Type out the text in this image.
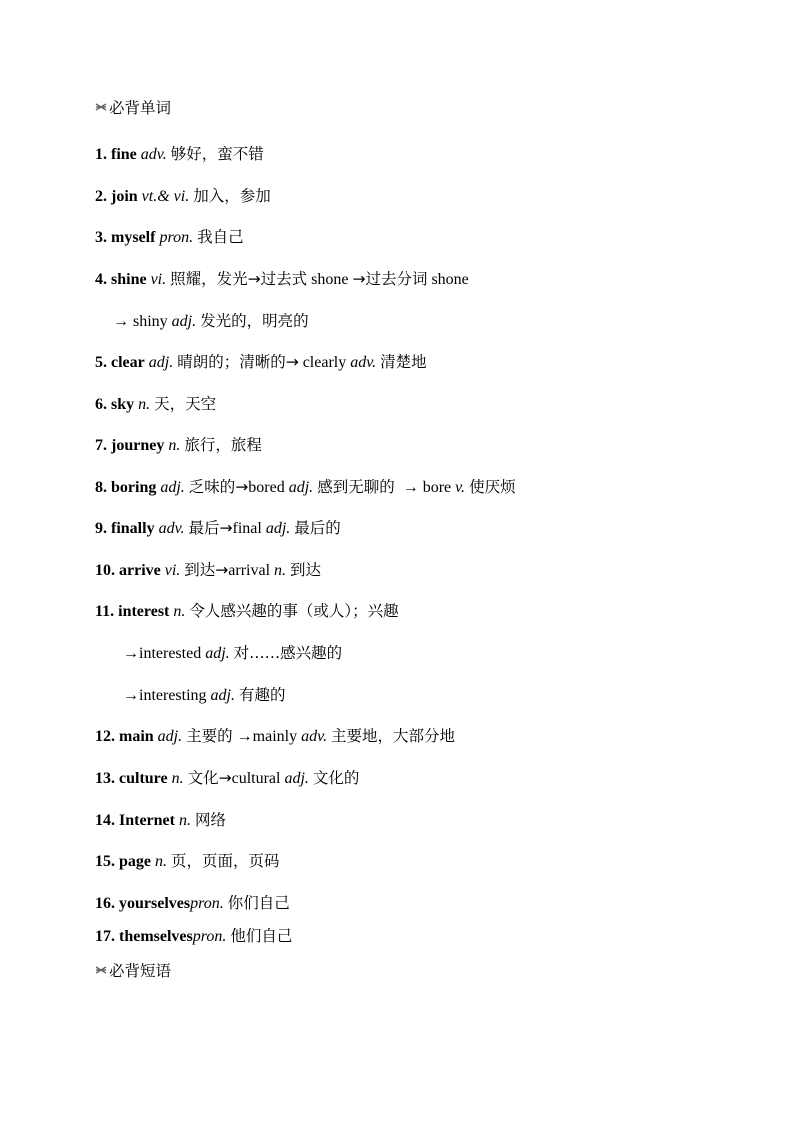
必背单词
1. fine adv. 够好，蛮不错
2. join vt.& vi. 加入，参加
3. myself pron. 我自己
4. shine vi. 照耀，发光→过去式 shone →过去分词 shone
→ shiny adj. 发光的，明亮的
5. clear adj. 晴朗的；清晰的→ clearly adv. 清楚地
6. sky n. 天，天空
7. journey n. 旅行，旅程
8. boring adj. 乏味的→bored adj. 感到无聊的 → bore v. 使厌烦
9. finally adv. 最后→final adj. 最后的
10. arrive vi. 到达→arrival n. 到达
11. interest n. 令人感兴趣的事（或人）；兴趣
→interested adj. 对……感兴趣的
→interesting adj. 有趣的
12. main adj. 主要的 →mainly adv. 主要地，大部分地
13. culture n. 文化→cultural adj. 文化的
14. Internet n. 网络
15. page n. 页，页面，页码
16. yourselvespron. 你们自己
17. themselvespron. 他们自己
必背短语
